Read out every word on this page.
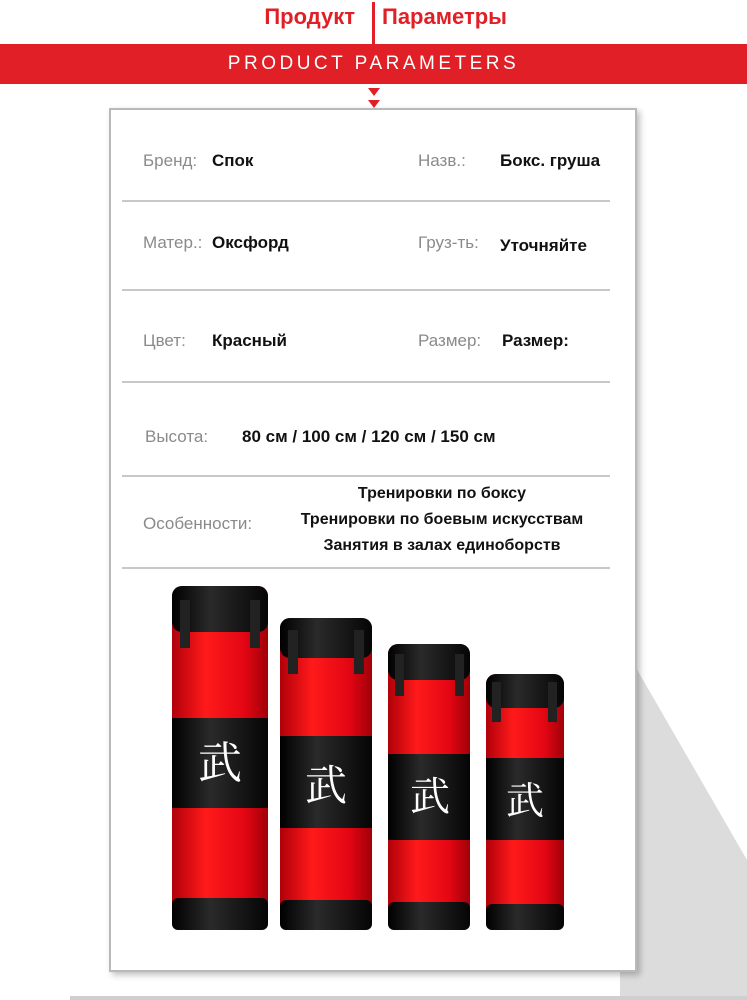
Продукт Параметры
PRODUCT PARAMETERS
Бренд: Спок	Назв.: Бокс. груша
Матер.: Оксфорд	Груз-ть: Уточняйте
Цвет: Красный	Размер: Размер:
Высота: 80 см / 100 см / 120 см / 150 см
Особенности:
Тренировки по боксу
Тренировки по боевым искусствам
Занятия в залах единоборств
武 武 武 武
